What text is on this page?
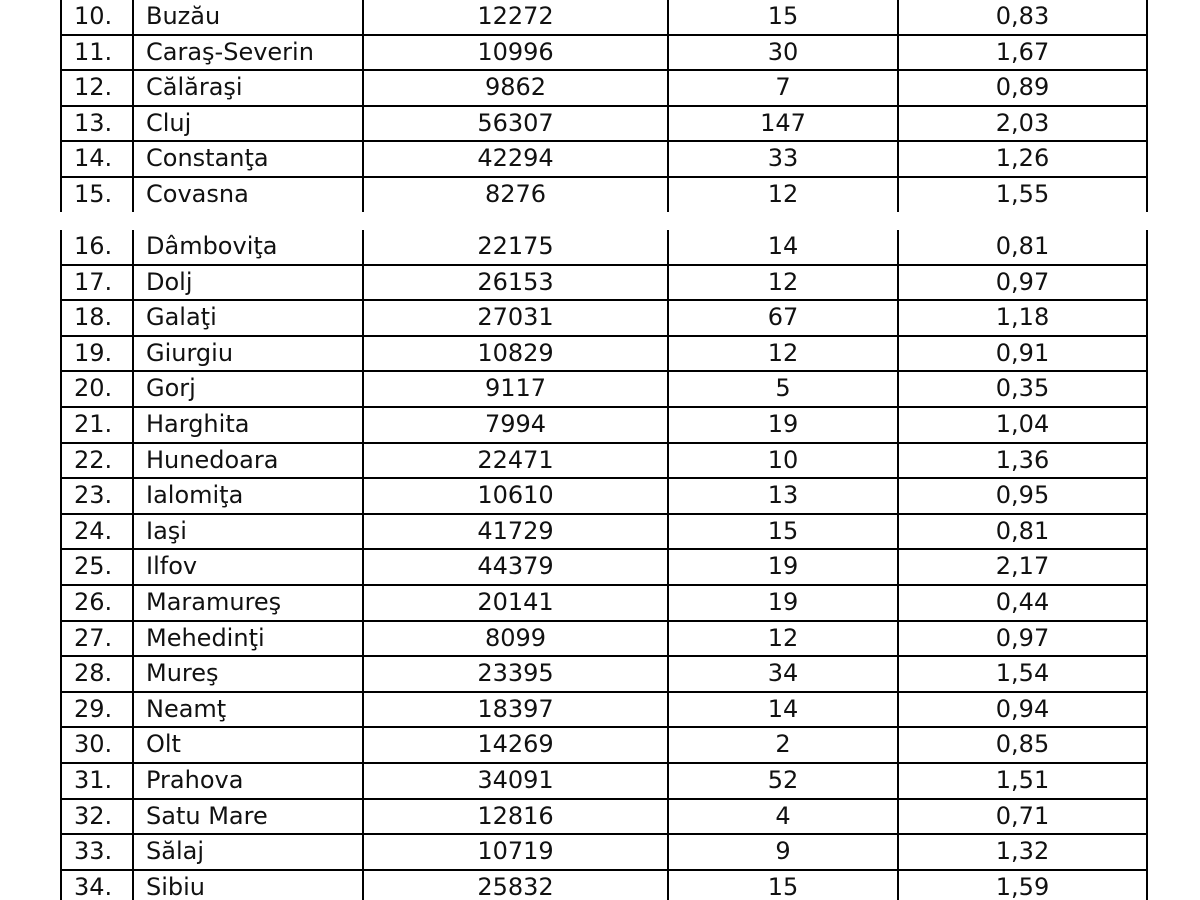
10.	Buzău	12272	15	0,83
11.	Caraş-Severin	10996	30	1,67
12.	Călăraşi	9862	7	0,89
13.	Cluj	56307	147	2,03
14.	Constanţa	42294	33	1,26
15.	Covasna	8276	12	1,55
16.	Dâmboviţa	22175	14	0,81
17.	Dolj	26153	12	0,97
18.	Galaţi	27031	67	1,18
19.	Giurgiu	10829	12	0,91
20.	Gorj	9117	5	0,35
21.	Harghita	7994	19	1,04
22.	Hunedoara	22471	10	1,36
23.	Ialomiţa	10610	13	0,95
24.	Iaşi	41729	15	0,81
25.	Ilfov	44379	19	2,17
26.	Maramureş	20141	19	0,44
27.	Mehedinţi	8099	12	0,97
28.	Mureş	23395	34	1,54
29.	Neamţ	18397	14	0,94
30.	Olt	14269	2	0,85
31.	Prahova	34091	52	1,51
32.	Satu Mare	12816	4	0,71
33.	Sălaj	10719	9	1,32
34.	Sibiu	25832	15	1,59
